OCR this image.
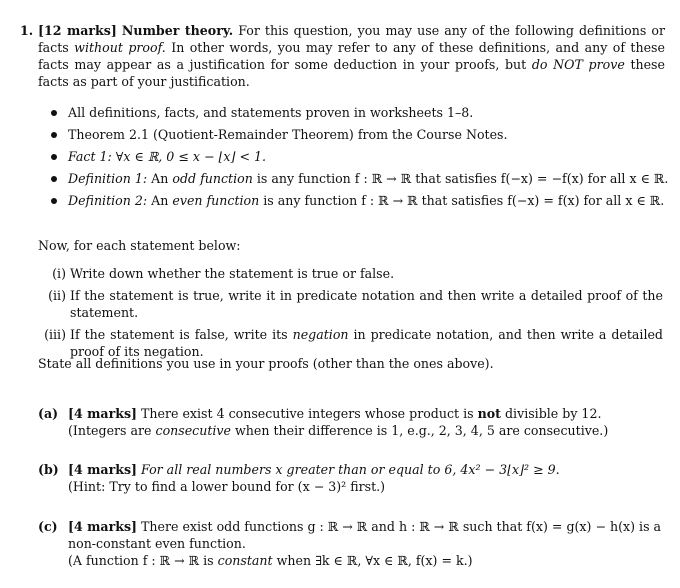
1. [12 marks] Number theory. For this question, you may use any of the following definitions or facts without proof. In other words, you may refer to any of these definitions, and any of these facts may appear as a justification for some deduction in your proofs, but do NOT prove these facts as part of your justification.
All definitions, facts, and statements proven in worksheets 1–8.
Theorem 2.1 (Quotient-Remainder Theorem) from the Course Notes.
Fact 1: ∀x ∈ ℝ, 0 ≤ x − ⌊x⌋ < 1.
Definition 1: An odd function is any function f : ℝ → ℝ that satisfies f(−x) = −f(x) for all x ∈ ℝ.
Definition 2: An even function is any function f : ℝ → ℝ that satisfies f(−x) = f(x) for all x ∈ ℝ.
Now, for each statement below:
(i) Write down whether the statement is true or false.
(ii) If the statement is true, write it in predicate notation and then write a detailed proof of the statement.
(iii) If the statement is false, write its negation in predicate notation, and then write a detailed proof of its negation.
State all definitions you use in your proofs (other than the ones above).
(a) [4 marks] There exist 4 consecutive integers whose product is not divisible by 12.
(Integers are consecutive when their difference is 1, e.g., 2, 3, 4, 5 are consecutive.)
(b) [4 marks] For all real numbers x greater than or equal to 6, 4x² − 3⌊x⌋² ≥ 9.
(Hint: Try to find a lower bound for (x − 3)² first.)
(c) [4 marks] There exist odd functions g : ℝ → ℝ and h : ℝ → ℝ such that f(x) = g(x) − h(x) is a non-constant even function.
(A function f : ℝ → ℝ is constant when ∃k ∈ ℝ, ∀x ∈ ℝ, f(x) = k.)
